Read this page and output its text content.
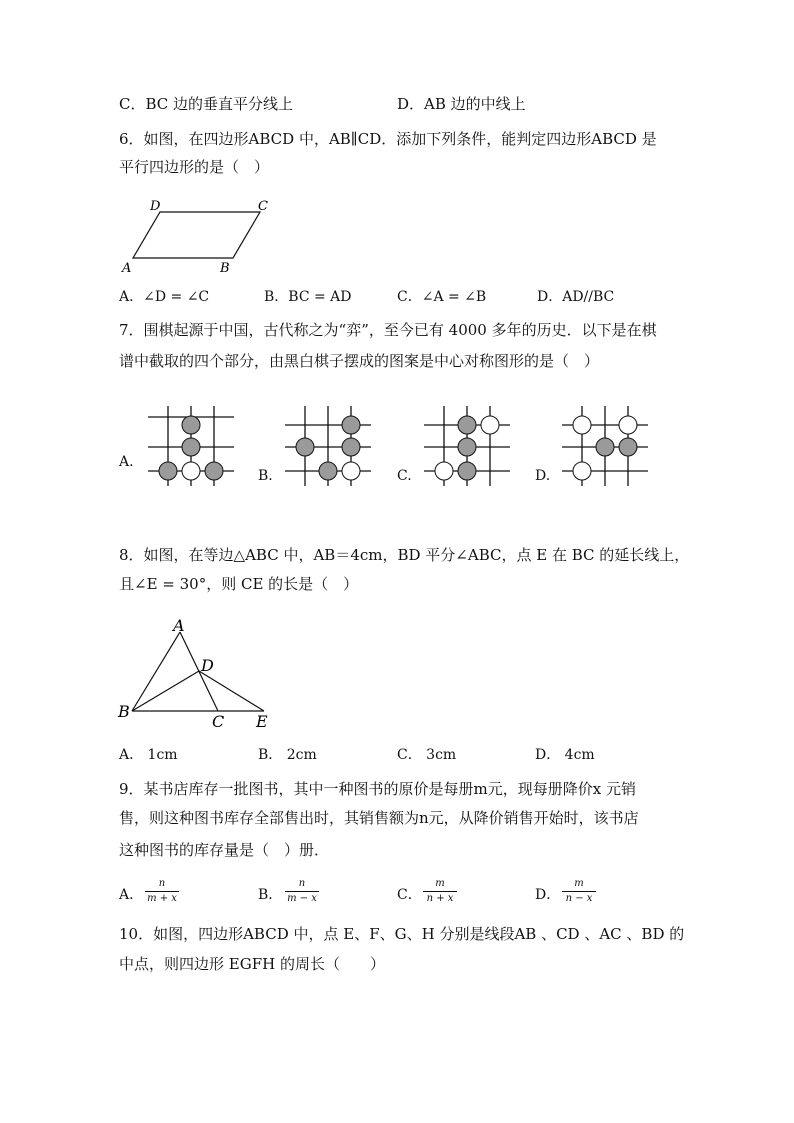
C．BC 边的垂直平分线上	D．AB 边的中线上
6．如图，在四边形ABCD 中，AB∥CD．添加下列条件，能判定四边形ABCD 是
平行四边形的是（　）
D	C
A	B
A．∠D = ∠C	B．BC = AD	C．∠A = ∠B	D．AD//BC
7．围棋起源于中国，古代称之为“弈”，至今已有 4000 多年的历史．以下是在棋
谱中截取的四个部分，由黑白棋子摆成的图案是中心对称图形的是（　）
A.
B.	C.	D.
8．如图，在等边△ABC 中，AB＝4cm，BD 平分∠ABC，点 E 在 BC 的延长线上，
且∠E = 30°，则 CE 的长是（　）
A
D
B
C E
A． 1cm	B． 2cm	C． 3cm	D． 4cm
9．某书店库存一批图书，其中一种图书的原价是每册m元，现每册降价x 元销
售，则这种图书库存全部售出时，其销售额为n元，从降价销售开始时，该书店
这种图书的库存量是（　）册．
A．
n
m + x	B．
n
m − x	C．
m
n + x	D．
m
n − x
10．如图，四边形ABCD 中，点 E、F、G、H 分别是线段AB 、CD 、AC 、BD 的
中点，则四边形 EGFH 的周长（　　）
